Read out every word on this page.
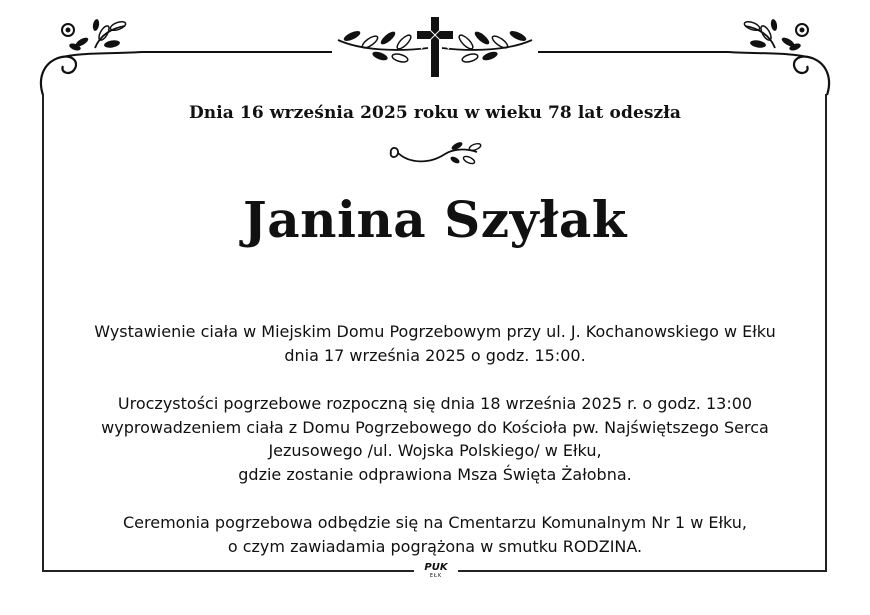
Dnia 16 września 2025 roku w wieku 78 lat odeszła
Janina Szyłak
Wystawienie ciała w Miejskim Domu Pogrzebowym przy ul. J. Kochanowskiego w Ełku
dnia 17 września 2025 o godz. 15:00.
Uroczystości pogrzebowe rozpoczną się dnia 18 września 2025 r. o godz. 13:00
wyprowadzeniem ciała z Domu Pogrzebowego do Kościoła pw. Najświętszego Serca
Jezusowego /ul. Wojska Polskiego/ w Ełku,
gdzie zostanie odprawiona Msza Święta Żałobna.
Ceremonia pogrzebowa odbędzie się na Cmentarzu Komunalnym Nr 1 w Ełku,
o czym zawiadamia pogrążona w smutku RODZINA.
PUK
EŁK
